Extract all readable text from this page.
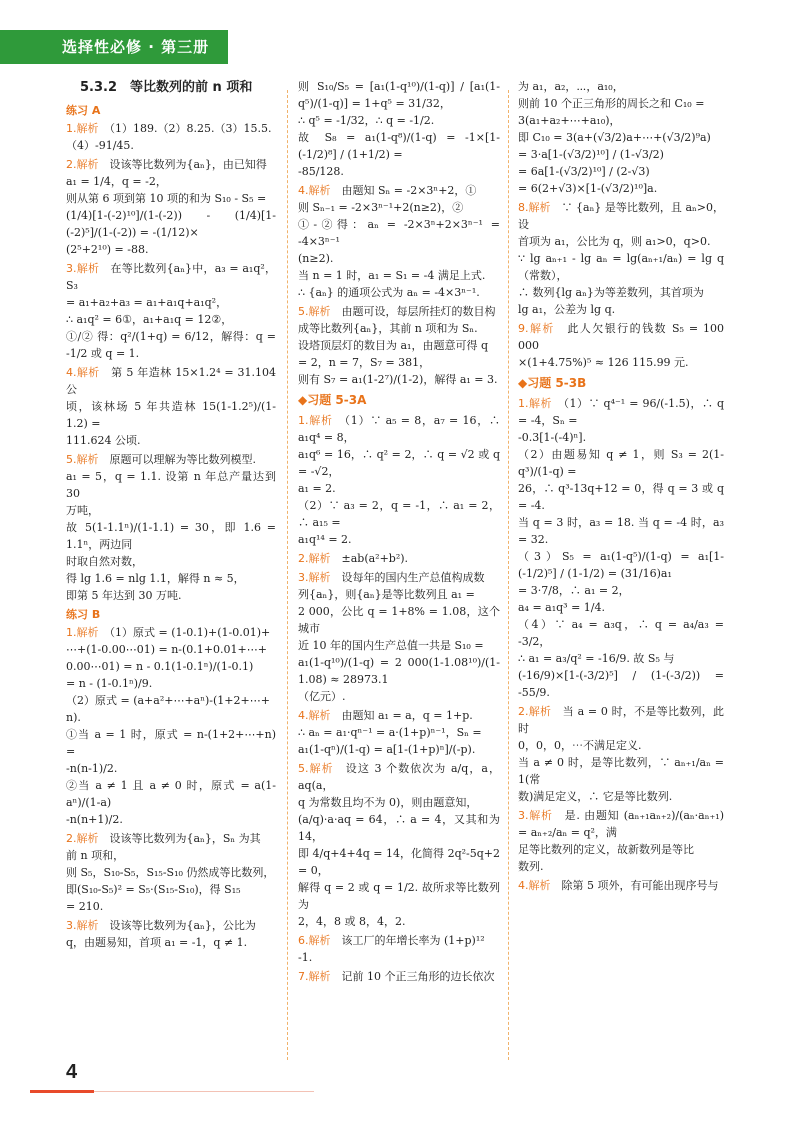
选择性必修 · 第三册
5.3.2　等比数列的前 n 项和
练习 A
1.解析　 （1）189.（2）8.25.（3）15.5.
（4）-91/45.
2.解析　 设该等比数列为{aₙ}，由已知得
a₁ = 1/4，q = -2，
则从第 6 项到第 10 项的和为 S₁₀ - S₅ =
(1/4)[1-(-2)¹⁰]/(1-(-2)) - (1/4)[1-(-2)⁵]/(1-(-2)) = -(1/12)×
(2⁵+2¹⁰) = -88.
3.解析　 在等比数列{aₙ}中，a₃ = a₁q²，S₃
= a₁+a₂+a₃ = a₁+a₁q+a₁q²，
∴ a₁q² = 6①，a₁+a₁q = 12②，
①/② 得：q²/(1+q) = 6/12，解得：q = -1/2 或 q = 1.
4.解析　 第 5 年造林 15×1.2⁴ = 31.104 公
顷，该林场 5 年共造林 15(1-1.2⁵)/(1-1.2) =
111.624 公顷.
5.解析　 原题可以理解为等比数列模型.
a₁ = 5，q = 1.1. 设第 n 年总产量达到 30
万吨，
故 5(1-1.1ⁿ)/(1-1.1) = 30，即 1.6 = 1.1ⁿ，两边同
时取自然对数，
得 lg 1.6 = nlg 1.1，解得 n ≈ 5，
即第 5 年达到 30 万吨.
练习 B
1.解析　 （1）原式 = (1-0.1)+(1-0.01)+
⋯+(1-0.00⋯01) = n-(0.1+0.01+⋯+
0.00⋯01) = n - 0.1(1-0.1ⁿ)/(1-0.1)
= n - (1-0.1ⁿ)/9.
（2）原式 = (a+a²+⋯+aⁿ)-(1+2+⋯+
n).
①当 a = 1 时，原式 = n-(1+2+⋯+n) =
-n(n-1)/2.
②当 a ≠ 1 且 a ≠ 0 时，原式 = a(1-aⁿ)/(1-a)
-n(n+1)/2.
2.解析　 设该等比数列为{aₙ}，Sₙ 为其
前 n 项和，
则 S₅，S₁₀-S₅，S₁₅-S₁₀ 仍然成等比数列，
即(S₁₀-S₅)² = S₅·(S₁₅-S₁₀)，得 S₁₅
= 210.
3.解析　 设该等比数列为{aₙ}，公比为
q，由题易知，首项 a₁ = -1，q ≠ 1.
则 S₁₀/S₅ = [a₁(1-q¹⁰)/(1-q)] / [a₁(1-q⁵)/(1-q)] = 1+q⁵ = 31/32，
∴ q⁵ = -1/32，∴ q = -1/2.
故 S₈ = a₁(1-q⁸)/(1-q) = -1×[1-(-1/2)⁸] / (1+1/2) =
-85/128.
4.解析　 由题知 Sₙ = -2×3ⁿ+2，①
则 Sₙ₋₁ = -2×3ⁿ⁻¹+2(n≥2)，②
①-②得：aₙ = -2×3ⁿ+2×3ⁿ⁻¹ = -4×3ⁿ⁻¹
(n≥2).
当 n = 1 时，a₁ = S₁ = -4 满足上式.
∴ {aₙ} 的通项公式为 aₙ = -4×3ⁿ⁻¹.
5.解析　 由题可设，每层所挂灯的数目构
成等比数列{aₙ}，其前 n 项和为 Sₙ.
设塔顶层灯的数目为 a₁，由题意可得 q
= 2，n = 7，S₇ = 381，
则有 S₇ = a₁(1-2⁷)/(1-2)，解得 a₁ = 3.
◆习题 5-3A
1.解析　 （1）∵ a₅ = 8，a₇ = 16，∴ a₁q⁴ = 8，
a₁q⁶ = 16，∴ q² = 2，∴ q = √2 或 q = -√2，
a₁ = 2.
（2）∵ a₃ = 2，q = -1，∴ a₁ = 2，∴ a₁₅ =
a₁q¹⁴ = 2.
2.解析　 ±ab(a²+b²).
3.解析　 设每年的国内生产总值构成数
列{aₙ}，则{aₙ}是等比数列且 a₁ =
2 000，公比 q = 1+8% = 1.08，这个城市
近 10 年的国内生产总值一共是 S₁₀ =
a₁(1-q¹⁰)/(1-q) = 2 000(1-1.08¹⁰)/(1-1.08) ≈ 28973.1
（亿元）.
4.解析　 由题知 a₁ = a，q = 1+p.
∴ aₙ = a₁·qⁿ⁻¹ = a·(1+p)ⁿ⁻¹，Sₙ =
a₁(1-qⁿ)/(1-q) = a[1-(1+p)ⁿ]/(-p).
5.解析　 设这 3 个数依次为 a/q，a，aq(a，
q 为常数且均不为 0)，则由题意知，
(a/q)·a·aq = 64，∴ a = 4，又其和为 14，
即 4/q+4+4q = 14，化简得 2q²-5q+2 = 0，
解得 q = 2 或 q = 1/2. 故所求等比数列为
2，4，8 或 8，4，2.
6.解析　 该工厂的年增长率为 (1+p)¹²
-1.
7.解析　 记前 10 个正三角形的边长依次
为 a₁，a₂，⋯，a₁₀，
则前 10 个正三角形的周长之和 C₁₀ =
3(a₁+a₂+⋯+a₁₀)，
即 C₁₀ = 3(a+(√3/2)a+⋯+(√3/2)⁹a)
= 3·a[1-(√3/2)¹⁰] / (1-√3/2)
= 6a[1-(√3/2)¹⁰] / (2-√3)
= 6(2+√3)×[1-(√3/2)¹⁰]a.
8.解析　 ∵ {aₙ} 是等比数列，且 aₙ>0，设
首项为 a₁，公比为 q，则 a₁>0，q>0.
∵ lg aₙ₊₁ - lg aₙ = lg(aₙ₊₁/aₙ) = lg q（常数），
∴ 数列{lg aₙ}为等差数列，其首项为
lg a₁，公差为 lg q.
9.解析　 此人欠银行的钱数 S₅ = 100 000
×(1+4.75%)⁵ ≈ 126 115.99 元.
◆习题 5-3B
1.解析　 （1）∵ q⁴⁻¹ = 96/(-1.5)，∴ q = -4，Sₙ =
-0.3[1-(-4)ⁿ].
（2）由题易知 q ≠ 1，则 S₃ = 2(1-q³)/(1-q) =
26，∴ q³-13q+12 = 0，得 q = 3 或 q = -4.
当 q = 3 时，a₃ = 18. 当 q = -4 时，a₃ = 32.
（3）S₅ = a₁(1-q⁵)/(1-q) = a₁[1-(-1/2)⁵] / (1-1/2) = (31/16)a₁
= 3·7/8，∴ a₁ = 2，
a₄ = a₁q³ = 1/4.
（4）∵ a₄ = a₃q，∴ q = a₄/a₃ = -3/2，
∴ a₁ = a₃/q² = -16/9. 故 S₅ 与
(-16/9)×[1-(-3/2)⁵] / (1-(-3/2)) = -55/9.
2.解析　 当 a = 0 时，不是等比数列，此时
0，0，0，⋯不满足定义.
当 a ≠ 0 时，是等比数列，∵ aₙ₊₁/aₙ = 1(常
数)满足定义，∴ 它是等比数列.
3.解析　 是. 由题知 (aₙ₊₁aₙ₊₂)/(aₙ·aₙ₊₁) = aₙ₊₂/aₙ = q²，满
足等比数列的定义，故新数列是等比
数列.
4.解析　 除第 5 项外，有可能出现序号与
4
